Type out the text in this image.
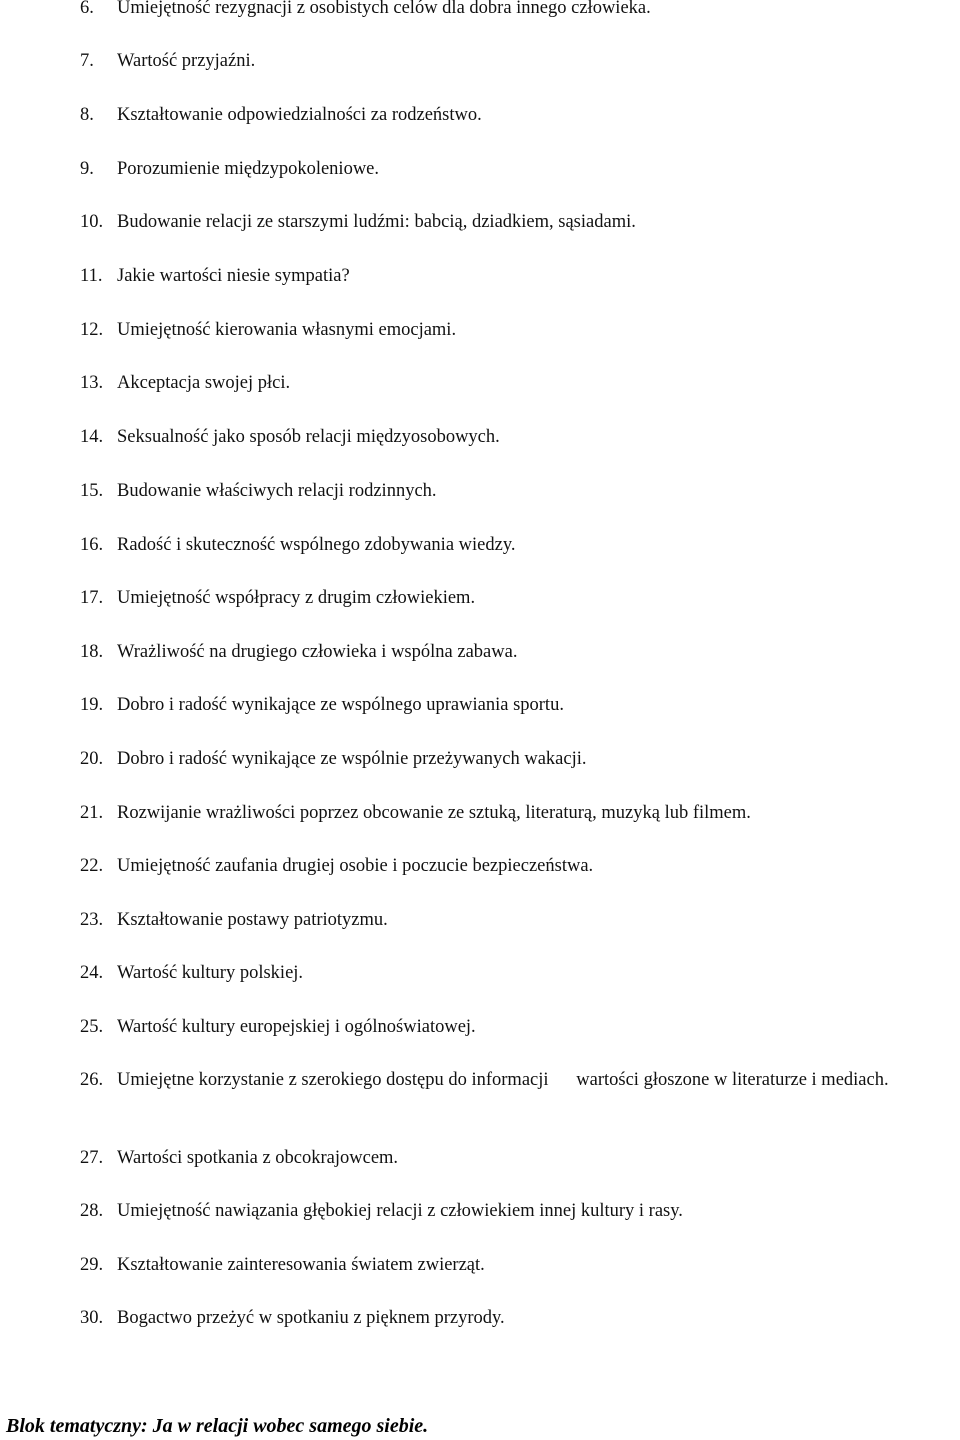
6. Umiejętność rezygnacji z osobistych celów dla dobra innego człowieka.
7. Wartość przyjaźni.
8. Kształtowanie odpowiedzialności za rodzeństwo.
9. Porozumienie międzypokoleniowe.
10. Budowanie relacji ze starszymi ludźmi: babcią, dziadkiem, sąsiadami.
11. Jakie wartości niesie sympatia?
12. Umiejętność kierowania własnymi emocjami.
13. Akceptacja swojej płci.
14. Seksualność jako sposób relacji międzyosobowych.
15. Budowanie właściwych relacji rodzinnych.
16. Radość i skuteczność wspólnego zdobywania wiedzy.
17. Umiejętność współpracy z drugim człowiekiem.
18. Wrażliwość na drugiego człowieka i wspólna zabawa.
19. Dobro i radość wynikające ze wspólnego uprawiania sportu.
20. Dobro i radość wynikające ze wspólnie przeżywanych wakacji.
21. Rozwijanie wrażliwości poprzez obcowanie ze sztuką, literaturą, muzyką lub filmem.
22. Umiejętność zaufania drugiej osobie i poczucie bezpieczeństwa.
23. Kształtowanie postawy patriotyzmu.
24. Wartość kultury polskiej.
25. Wartość kultury europejskiej i ogólnoświatowej.
26. Umiejętne korzystanie z szerokiego dostępu do informacji      wartości głoszone w literaturze i mediach.
27. Wartości spotkania z obcokrajowcem.
28. Umiejętność nawiązania głębokiej relacji z człowiekiem innej kultury i rasy.
29. Kształtowanie zainteresowania światem zwierząt.
30. Bogactwo przeżyć w spotkaniu z pięknem przyrody.
Blok tematyczny: Ja w relacji wobec samego siebie.
